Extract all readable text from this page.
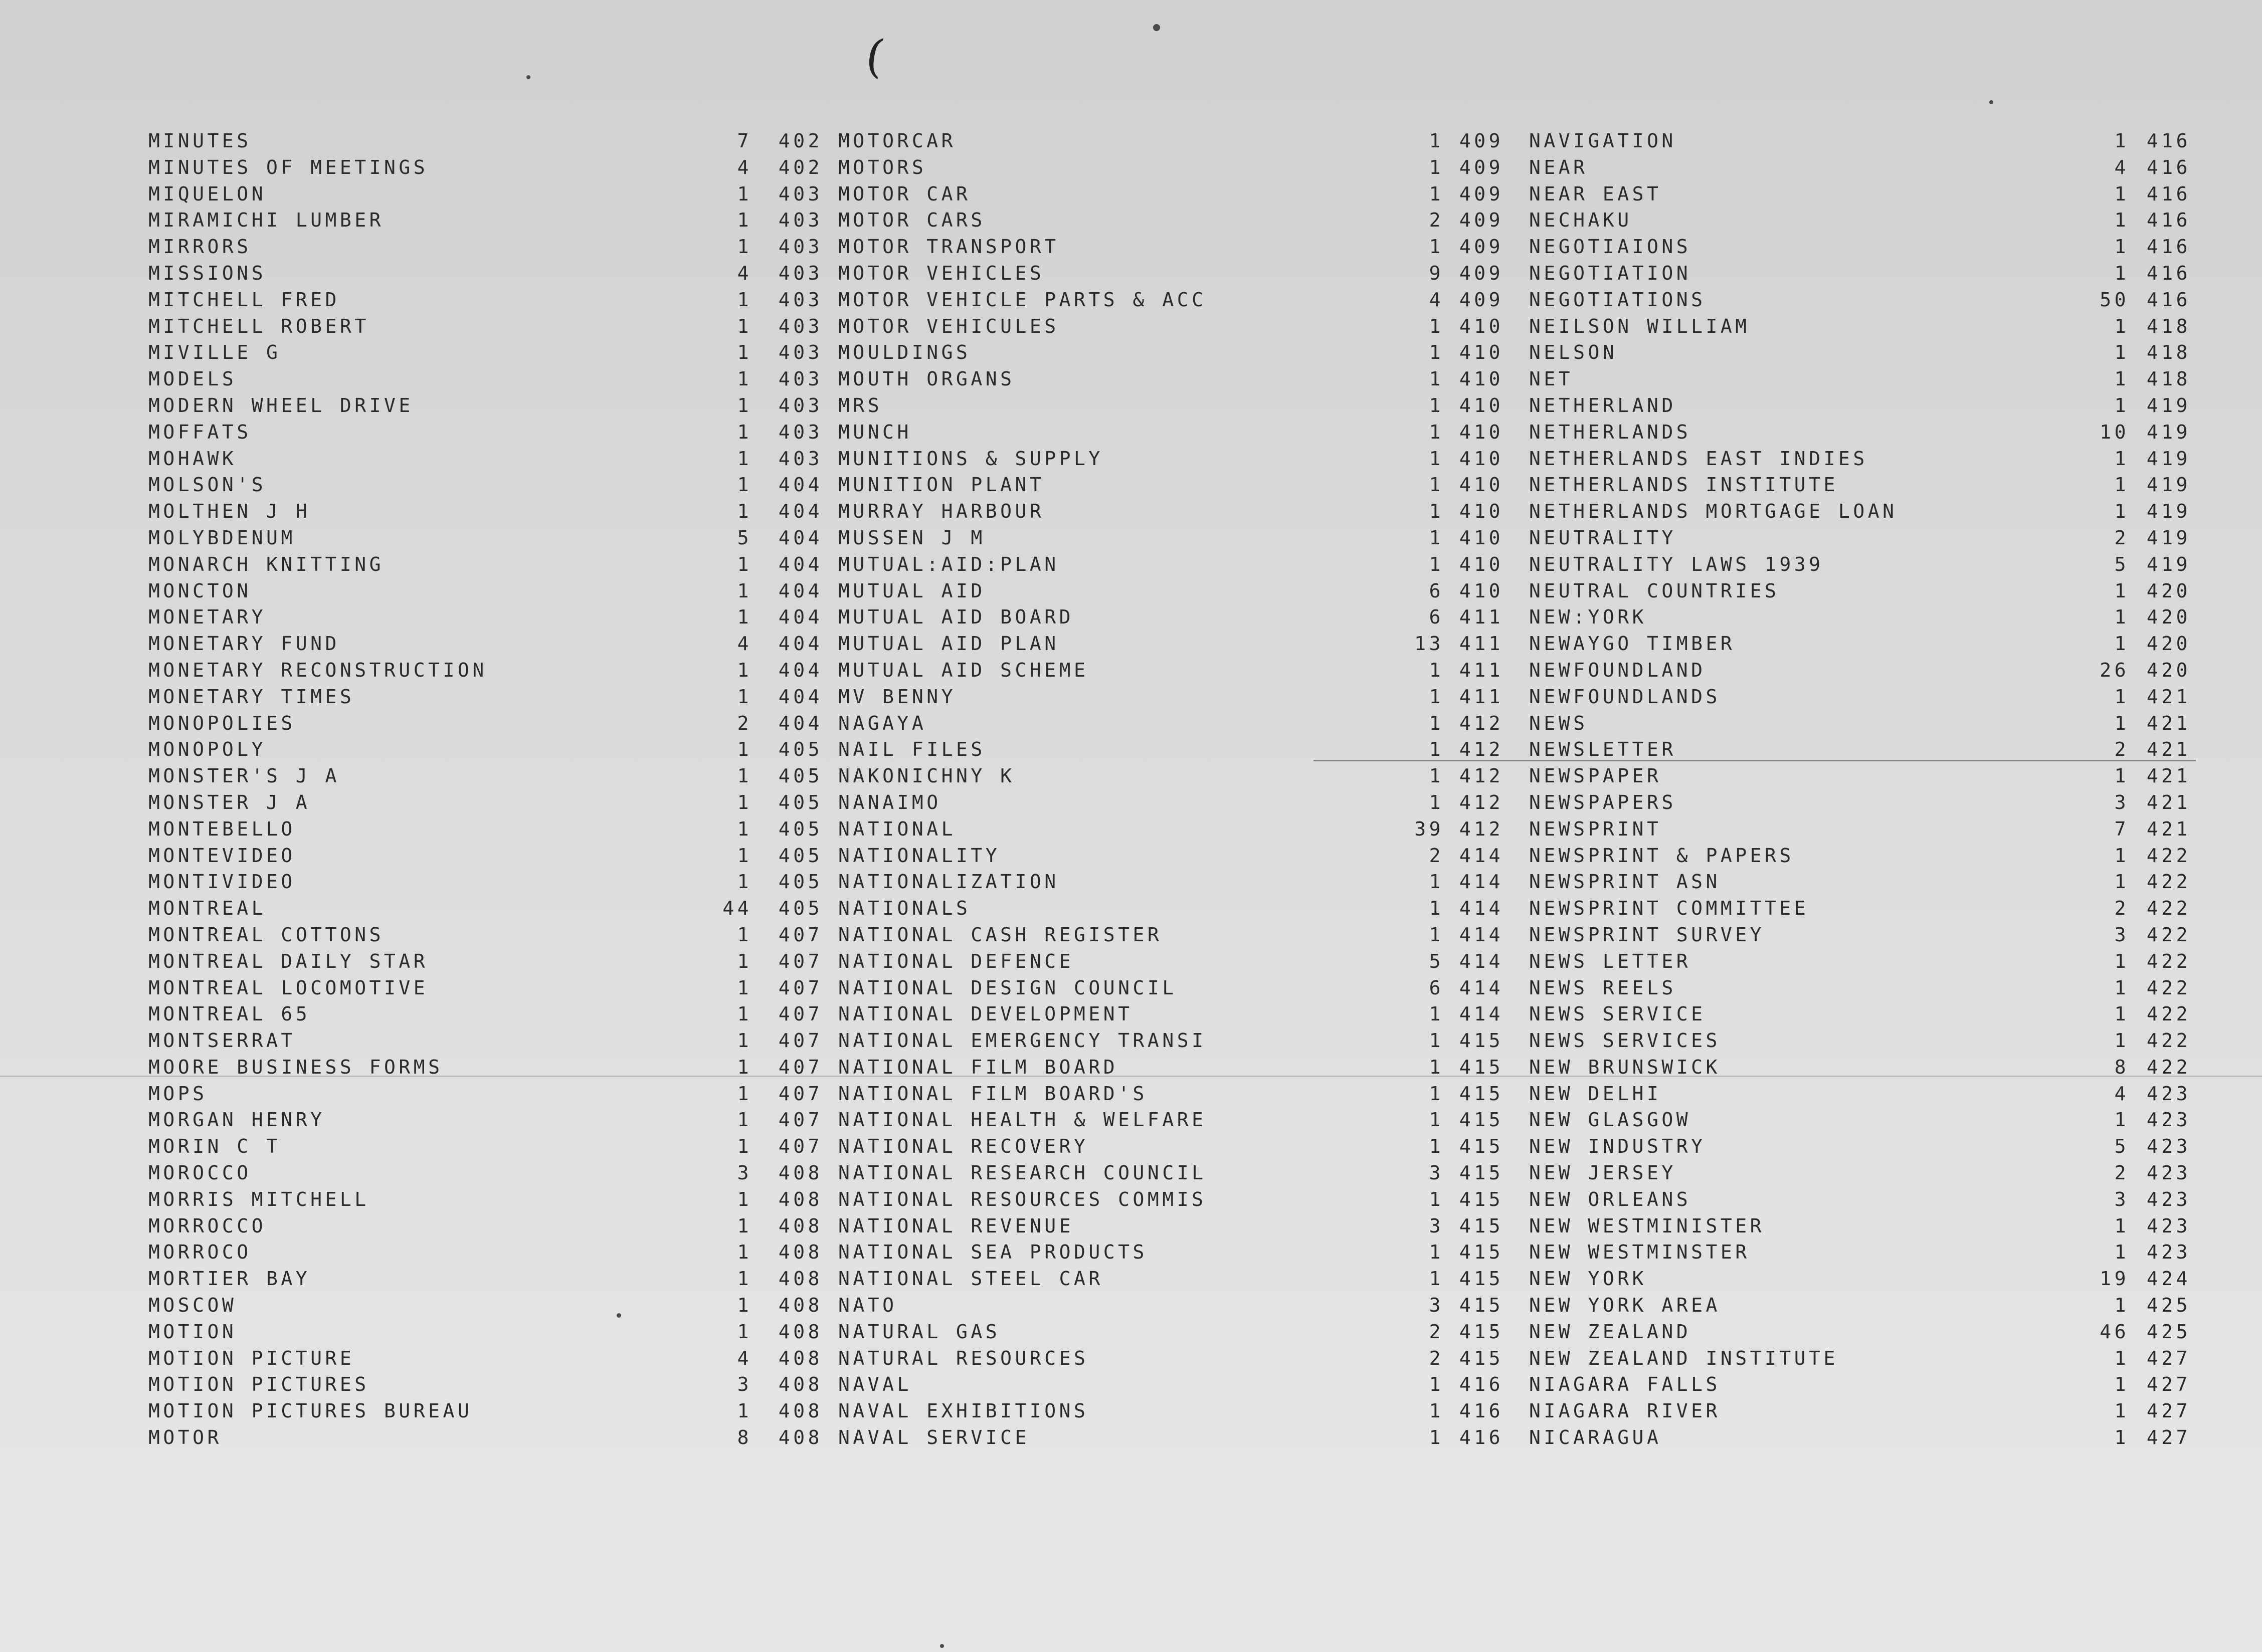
(
MINUTES	7	402
MINUTES OF MEETINGS	4	402
MIQUELON	1	403
MIRAMICHI LUMBER	1	403
MIRRORS	1	403
MISSIONS	4	403
MITCHELL FRED	1	403
MITCHELL ROBERT	1	403
MIVILLE G	1	403
MODELS	1	403
MODERN WHEEL DRIVE	1	403
MOFFATS	1	403
MOHAWK	1	403
MOLSON'S	1	404
MOLTHEN J H	1	404
MOLYBDENUM	5	404
MONARCH KNITTING	1	404
MONCTON	1	404
MONETARY	1	404
MONETARY FUND	4	404
MONETARY RECONSTRUCTION	1	404
MONETARY TIMES	1	404
MONOPOLIES	2	404
MONOPOLY	1	405
MONSTER'S J A	1	405
MONSTER J A	1	405
MONTEBELLO	1	405
MONTEVIDEO	1	405
MONTIVIDEO	1	405
MONTREAL	44	405
MONTREAL COTTONS	1	407
MONTREAL DAILY STAR	1	407
MONTREAL LOCOMOTIVE	1	407
MONTREAL 65	1	407
MONTSERRAT	1	407
MOORE BUSINESS FORMS	1	407
MOPS	1	407
MORGAN HENRY	1	407
MORIN C T	1	407
MOROCCO	3	408
MORRIS MITCHELL	1	408
MORROCCO	1	408
MORROCO	1	408
MORTIER BAY	1	408
MOSCOW	1	408
MOTION	1	408
MOTION PICTURE	4	408
MOTION PICTURES	3	408
MOTION PICTURES BUREAU	1	408
MOTOR	8	408
MOTORCAR	1 409
MOTORS	1 409
MOTOR CAR	1 409
MOTOR CARS	2 409
MOTOR TRANSPORT	1 409
MOTOR VEHICLES	9 409
MOTOR VEHICLE PARTS & ACC	4 409
MOTOR VEHICULES	1 410
MOULDINGS	1 410
MOUTH ORGANS	1 410
MRS	1 410
MUNCH	1 410
MUNITIONS & SUPPLY	1 410
MUNITION PLANT	1 410
MURRAY HARBOUR	1 410
MUSSEN J M	1 410
MUTUAL:AID:PLAN	1 410
MUTUAL AID	6 410
MUTUAL AID BOARD	6 411
MUTUAL AID PLAN	13 411
MUTUAL AID SCHEME	1 411
MV BENNY	1 411
NAGAYA	1 412
NAIL FILES	1 412
NAKONICHNY K	1 412
NANAIMO	1 412
NATIONAL	39 412
NATIONALITY	2 414
NATIONALIZATION	1 414
NATIONALS	1 414
NATIONAL CASH REGISTER	1 414
NATIONAL DEFENCE	5 414
NATIONAL DESIGN COUNCIL	6 414
NATIONAL DEVELOPMENT	1 414
NATIONAL EMERGENCY TRANSI	1 415
NATIONAL FILM BOARD	1 415
NATIONAL FILM BOARD'S	1 415
NATIONAL HEALTH & WELFARE	1 415
NATIONAL RECOVERY	1 415
NATIONAL RESEARCH COUNCIL	3 415
NATIONAL RESOURCES COMMIS	1 415
NATIONAL REVENUE	3 415
NATIONAL SEA PRODUCTS	1 415
NATIONAL STEEL CAR	1 415
NATO	3 415
NATURAL GAS	2 415
NATURAL RESOURCES	2 415
NAVAL	1 416
NAVAL EXHIBITIONS	1 416
NAVAL SERVICE	1 416
NAVIGATION	1 416
NEAR	4 416
NEAR EAST	1 416
NECHAKU	1 416
NEGOTIAIONS	1 416
NEGOTIATION	1 416
NEGOTIATIONS	50 416
NEILSON WILLIAM	1 418
NELSON	1 418
NET	1 418
NETHERLAND	1 419
NETHERLANDS	10 419
NETHERLANDS EAST INDIES	1 419
NETHERLANDS INSTITUTE	1 419
NETHERLANDS MORTGAGE LOAN	1 419
NEUTRALITY	2 419
NEUTRALITY LAWS 1939	5 419
NEUTRAL COUNTRIES	1 420
NEW:YORK	1 420
NEWAYGO TIMBER	1 420
NEWFOUNDLAND	26 420
NEWFOUNDLANDS	1 421
NEWS	1 421
NEWSLETTER	2 421
NEWSPAPER	1 421
NEWSPAPERS	3 421
NEWSPRINT	7 421
NEWSPRINT & PAPERS	1 422
NEWSPRINT ASN	1 422
NEWSPRINT COMMITTEE	2 422
NEWSPRINT SURVEY	3 422
NEWS LETTER	1 422
NEWS REELS	1 422
NEWS SERVICE	1 422
NEWS SERVICES	1 422
NEW BRUNSWICK	8 422
NEW DELHI	4 423
NEW GLASGOW	1 423
NEW INDUSTRY	5 423
NEW JERSEY	2 423
NEW ORLEANS	3 423
NEW WESTMINISTER	1 423
NEW WESTMINSTER	1 423
NEW YORK	19 424
NEW YORK AREA	1 425
NEW ZEALAND	46 425
NEW ZEALAND INSTITUTE	1 427
NIAGARA FALLS	1 427
NIAGARA RIVER	1 427
NICARAGUA	1 427
